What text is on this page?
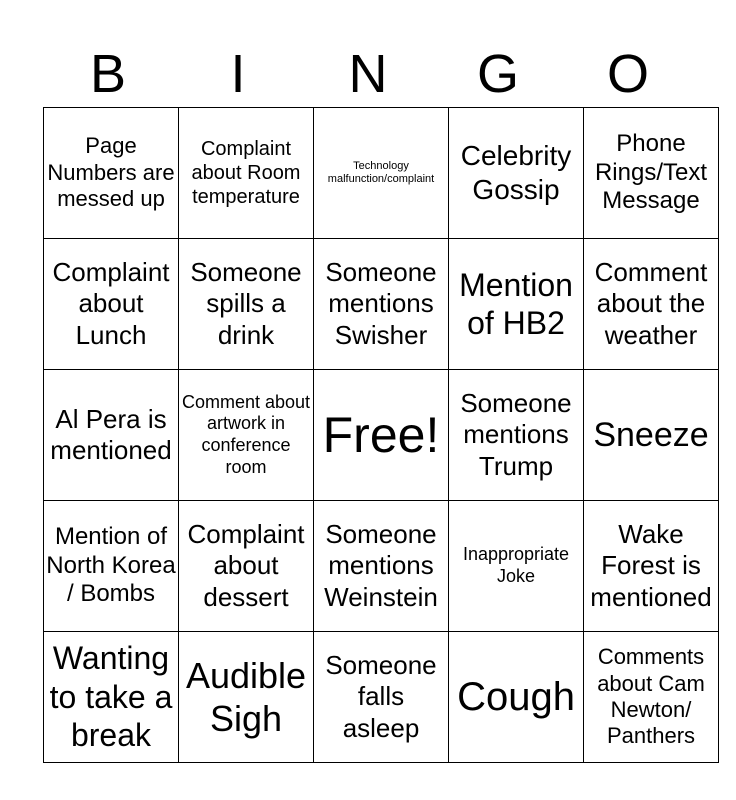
B	I	N	G	O
Page Numbers are messed up	Complaint about Room temperature	Technology malfunction/complaint	Celebrity Gossip	Phone Rings/Text Message

Complaint about Lunch	Someone spills a drink	Someone mentions Swisher	Mention of HB2	Comment about the weather

Al Pera is mentioned	Comment about artwork in conference room	Free!	Someone mentions Trump	Sneeze

Mention of North Korea / Bombs	Complaint about dessert	Someone mentions Weinstein	Inappropriate Joke	Wake Forest is mentioned

Wanting to take a break	Audible Sigh	Someone falls asleep	Cough	Comments about Cam Newton/ Panthers
